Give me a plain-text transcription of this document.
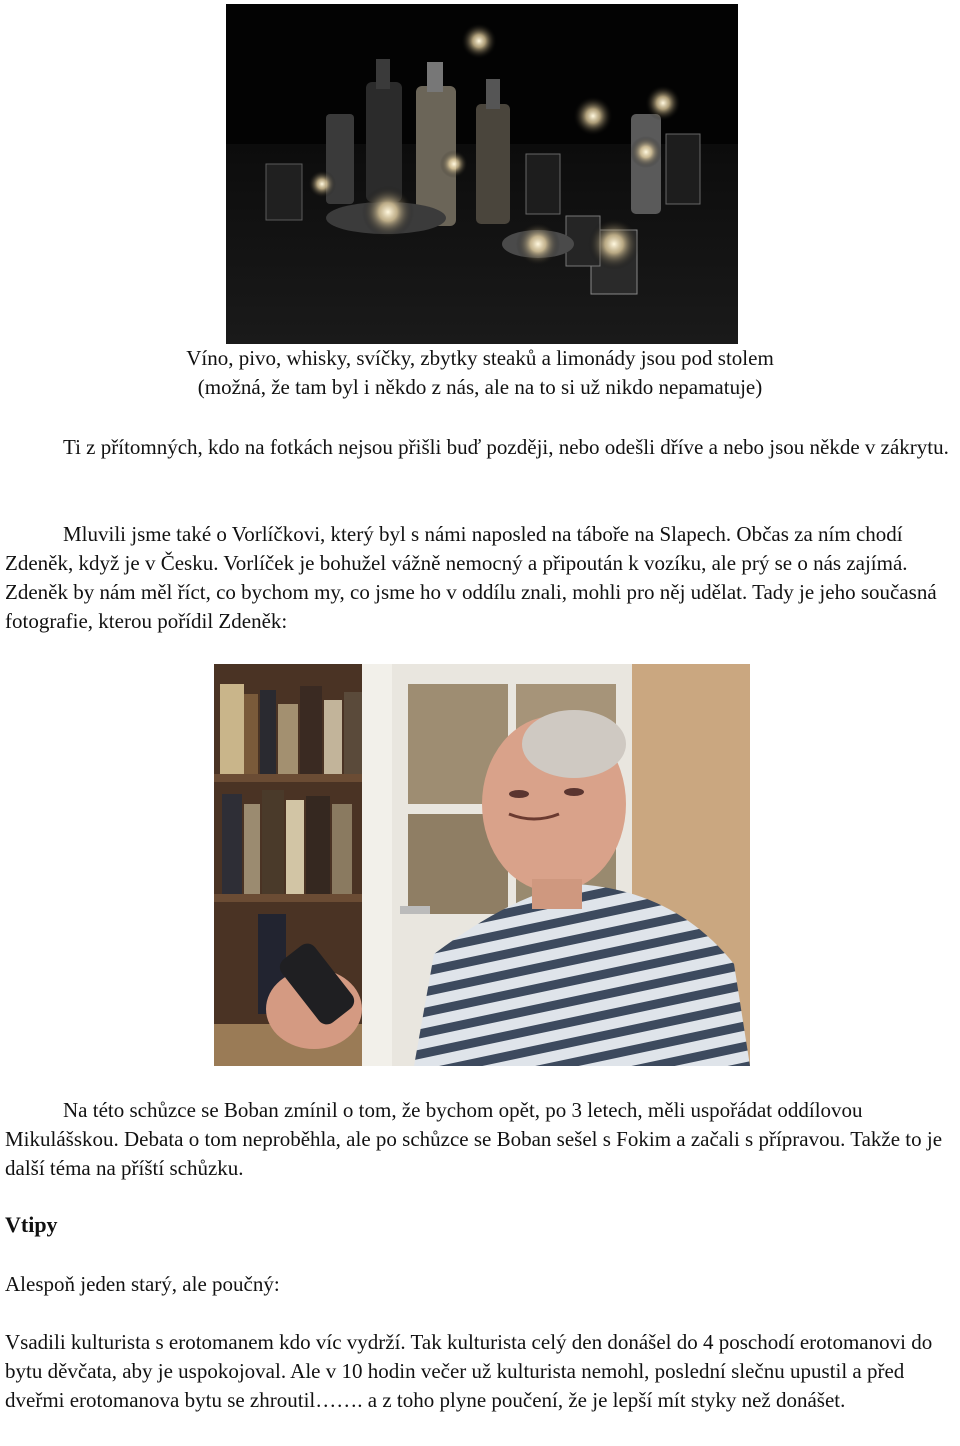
Víno, pivo, whisky, svíčky, zbytky steaků a limonády jsou pod stolem

(možná, že tam byl i někdo z nás, ale na to si už nikdo nepamatuje)

Ti z přítomných, kdo na fotkách nejsou přišli buď později, nebo odešli dříve a nebo jsou někde v zákrytu.

Mluvili jsme také o Vorlíčkovi, který byl s námi naposled na táboře na Slapech. Občas za ním chodí Zdeněk, když je v Česku. Vorlíček je bohužel vážně nemocný a připoután k vozíku, ale prý se o nás zajímá. Zdeněk by nám měl říct, co bychom my, co jsme ho v oddílu znali, mohli pro něj udělat. Tady je jeho současná fotografie, kterou pořídil Zdeněk:

Na této schůzce se Boban zmínil o tom, že bychom opět, po 3 letech, měli uspořádat oddílovou Mikulášskou. Debata o tom neproběhla, ale po schůzce se Boban sešel s Fokim a začali s přípravou. Takže to je další téma na příští schůzku.

Vtipy

Alespoň jeden starý, ale poučný:

Vsadili kulturista s erotomanem kdo víc vydrží. Tak kulturista celý den donášel do 4 poschodí erotomanovi do bytu děvčata, aby je uspokojoval. Ale v 10 hodin večer už kulturista nemohl, poslední slečnu upustil a před dveřmi erotomanova bytu se zhroutil……. a z toho plyne poučení, že je lepší mít styky než donášet.
